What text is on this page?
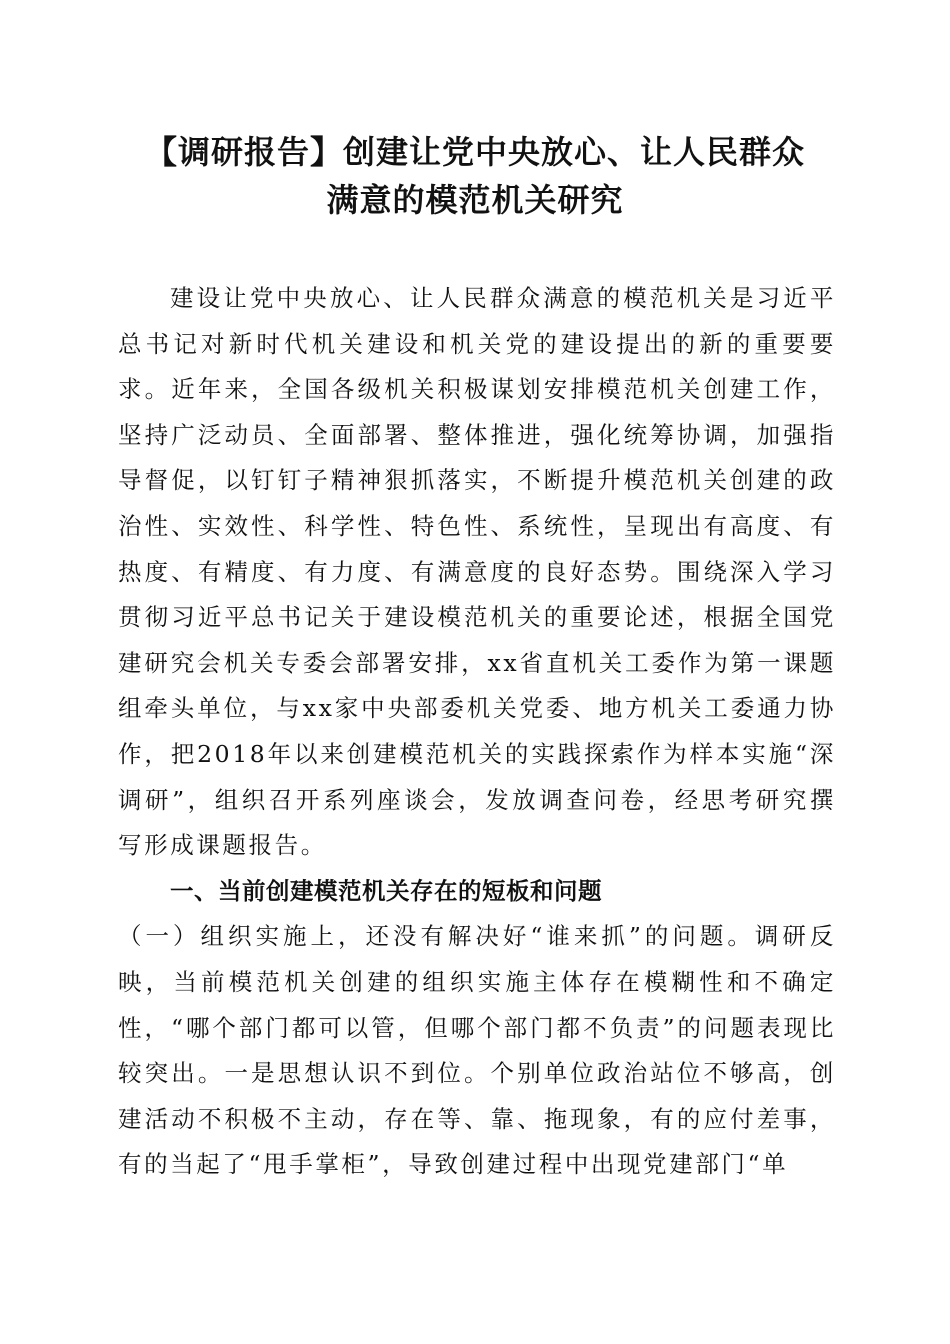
【调研报告】创建让党中央放心、让人民群众
满意的模范机关研究

建设让党中央放心、让人民群众满意的模范机关是习近平总书记对新时代机关建设和机关党的建设提出的新的重要要求。近年来，全国各级机关积极谋划安排模范机关创建工作，坚持广泛动员、全面部署、整体推进，强化统筹协调，加强指导督促，以钉钉子精神狠抓落实，不断提升模范机关创建的政治性、实效性、科学性、特色性、系统性，呈现出有高度、有热度、有精度、有力度、有满意度的良好态势。围绕深入学习贯彻习近平总书记关于建设模范机关的重要论述，根据全国党建研究会机关专委会部署安排，xx省直机关工委作为第一课题组牵头单位，与xx家中央部委机关党委、地方机关工委通力协作，把2018年以来创建模范机关的实践探索作为样本实施“深调研”，组织召开系列座谈会，发放调查问卷，经思考研究撰写形成课题报告。

一、当前创建模范机关存在的短板和问题

（一）组织实施上，还没有解决好“谁来抓”的问题。调研反映，当前模范机关创建的组织实施主体存在模糊性和不确定性，“哪个部门都可以管，但哪个部门都不负责”的问题表现比较突出。一是思想认识不到位。个别单位政治站位不够高，创建活动不积极不主动，存在等、靠、拖现象，有的应付差事，有的当起了“甩手掌柜”，导致创建过程中出现党建部门“单
